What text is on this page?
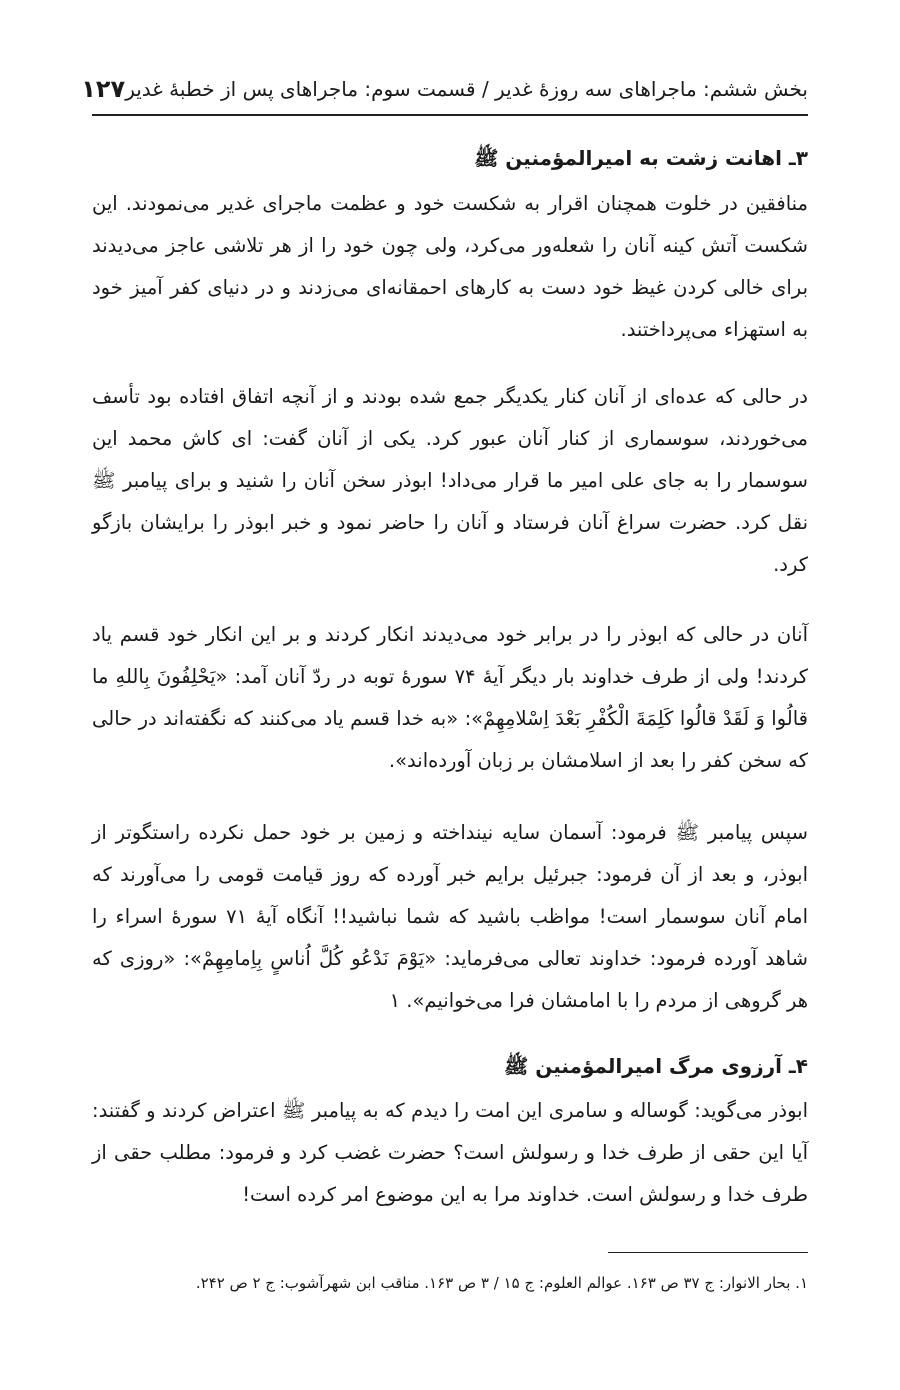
بخش ششم: ماجراهای سه روزهٔ غدیر / قسمت سوم: ماجراهای پس از خطبهٔ غدیر
۱۲۷
۳ـ اهانت زشت به امیرالمؤمنین ﷺ

منافقین در خلوت همچنان اقرار به شکست خود و عظمت ماجرای غدیر می‌نمودند. این شکست آتش کینه آنان را شعله‌ور می‌کرد، ولی چون خود را از هر تلاشی عاجز می‌دیدند برای خالی کردن غیظ خود دست به کارهای احمقانه‌ای می‌زدند و در دنیای کفر آمیز خود به استهزاء می‌پرداختند.

در حالی که عده‌ای از آنان کنار یکدیگر جمع شده بودند و از آنچه اتفاق افتاده بود تأسف می‌خوردند، سوسماری از کنار آنان عبور کرد. یکی از آنان گفت: ای کاش محمد این سوسمار را به جای علی امیر ما قرار می‌داد! ابوذر سخن آنان را شنید و برای پیامبر ﷺ نقل کرد. حضرت سراغ آنان فرستاد و آنان را حاضر نمود و خبر ابوذر را برایشان بازگو کرد.

آنان در حالی که ابوذر را در برابر خود می‌دیدند انکار کردند و بر این انکار خود قسم یاد کردند! ولی از طرف خداوند بار دیگر آیهٔ ۷۴ سورهٔ توبه در ردّ آنان آمد: «یَحْلِفُونَ بِاللهِ ما قالُوا وَ لَقَدْ قالُوا کَلِمَةَ الْکُفْرِ بَعْدَ اِسْلامِهِمْ»: «به خدا قسم یاد می‌کنند که نگفته‌اند در حالی که سخن کفر را بعد از اسلامشان بر زبان آورده‌اند».

سپس پیامبر ﷺ فرمود: آسمان سایه نینداخته و زمین بر خود حمل نکرده راستگوتر از ابوذر، و بعد از آن فرمود: جبرئیل برایم خبر آورده که روز قیامت قومی را می‌آورند که امام آنان سوسمار است! مواظب باشید که شما نباشید!! آنگاه آیهٔ ۷۱ سورهٔ اسراء را شاهد آورده فرمود: خداوند تعالی می‌فرماید: «یَوْمَ نَدْعُو کُلَّ اُناسٍ بِاِمامِهِمْ»: «روزی که هر گروهی از مردم را با امامشان فرا می‌خوانیم». ۱

۴ـ آرزوی مرگ امیرالمؤمنین ﷺ

ابوذر می‌گوید: گوساله و سامری این امت را دیدم که به پیامبر ﷺ اعتراض کردند و گفتند: آیا این حقی از طرف خدا و رسولش است؟ حضرت غضب کرد و فرمود: مطلب حقی از طرف خدا و رسولش است. خداوند مرا به این موضوع امر کرده است!

۱. بحار الانوار: ج ۳۷ ص ۱۶۳. عوالم العلوم: ج ۱۵ / ۳ ص ۱۶۳. مناقب ابن شهرآشوب: ج ۲ ص ۲۴۲.
